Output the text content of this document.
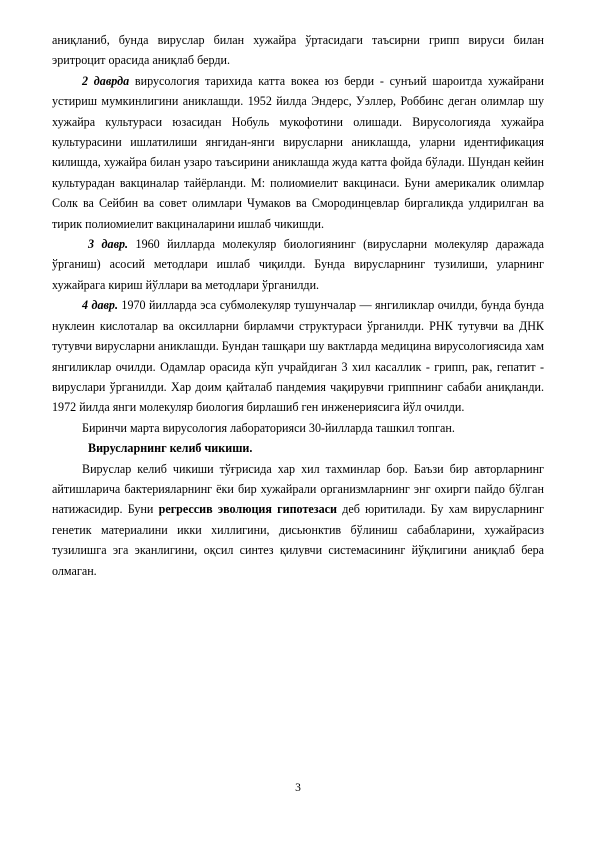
аниқланиб, бунда вируслар билан хужайра ўртасидаги таъсирни грипп вируси билан эритроцит орасида аниқлаб берди.

2 даврда вирусология тарихида катта вокеа юз берди - сунъий шароитда хужайрани устириш мумкинлигини аниклашди. 1952 йилда Эндерс, Уэллер, Роббинс деган олимлар шу хужайра культураси юзасидан Нобуль мукофотини олишади. Вирусологияда хужайра культурасини ишлатилиши янгидан-янги вирусларни аниклашда, уларни идентификация килишда, хужайра билан узаро таъсирини аниклашда жуда катта фойда бўлади. Шундан кейин культурадан вакциналар тайёрланди. М: полиомиелит вакцинаси. Буни америкалик олимлар Солк ва Сейбин ва совет олимлари Чумаков ва Смородинцевлар биргаликда улдирилган ва тирик полиомиелит вакциналарини ишлаб чикишди.

3 давр. 1960 йилларда молекуляр биологиянинг (вирусларни молекуляр даражада ўрганиш) асосий методлари ишлаб чиқилди. Бунда вирусларнинг тузилиши, уларнинг хужайрага кириш йўллари ва методлари ўрганилди.

4 давр. 1970 йилларда эса субмолекуляр тушунчалар — янгиликлар очилди, бунда бунда нуклеин кислоталар ва оксилларни бирламчи структураси ўрганилди. РНК тутувчи ва ДНК тутувчи вирусларни аниклашди. Бундан ташқари шу вактларда медицина вирусологиясида хам янгиликлар очилди. Одамлар орасида кўп учрайдиган 3 хил касаллик - грипп, рак, гепатит - вируслари ўрганилди. Хар доим қайталаб пандемия чақирувчи гриппнинг сабаби аниқланди. 1972 йилда янги молекуляр биология бирлашиб ген инженериясига йўл очилди.

Биринчи марта вирусология лабораторияси 30-йилларда ташкил топган.

Вирусларнинг келиб чикиши.

Вируслар келиб чикиши тўғрисида хар хил тахминлар бор. Баъзи бир авторларнинг айтишларича бактерияларнинг ёки бир хужайрали организмларнинг энг охирги пайдо бўлган натижасидир. Буни регрессив эволюция гипотезаси деб юритилади. Бу хам вирусларнинг генетик материалини икки хиллигини, дисьюнктив бўлиниш сабабларини, хужайрасиз тузилишга эга эканлигини, оқсил синтез қилувчи системасининг йўқлигини аниқлаб бера олмаган.

3
